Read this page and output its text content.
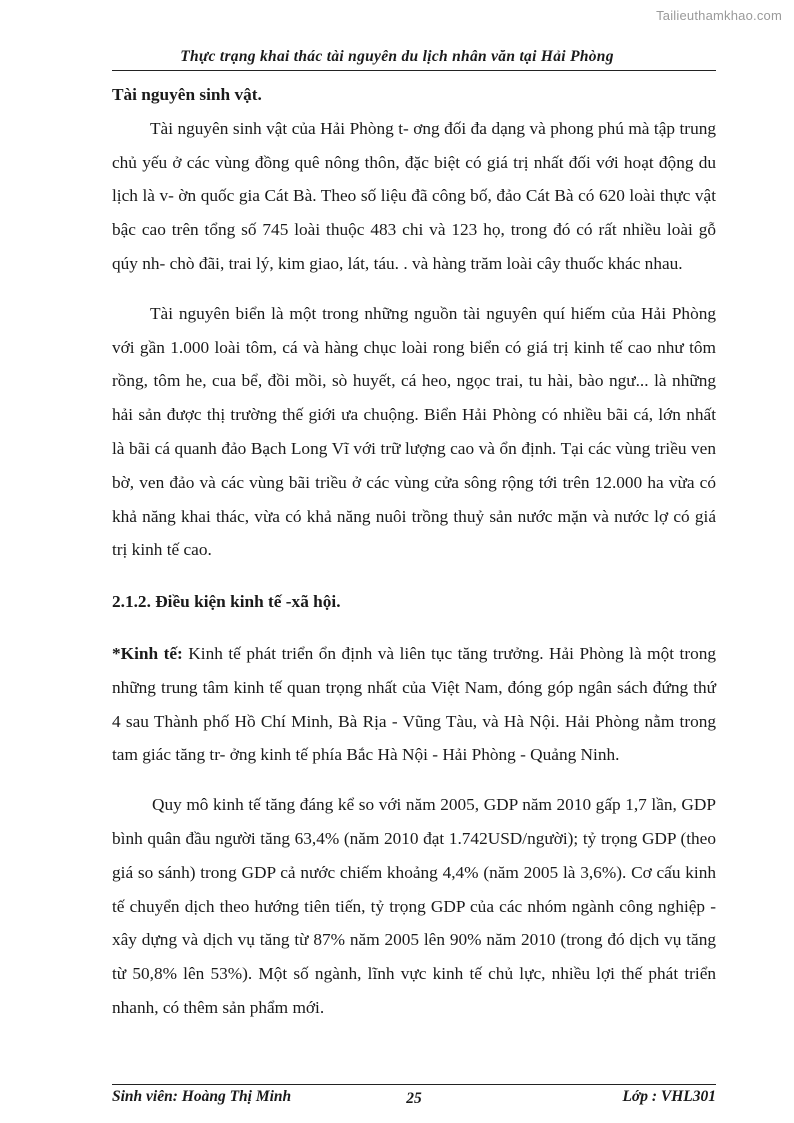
Tailieuthamkhao.com
Thực trạng khai thác tài nguyên du lịch nhân văn tại Hải Phòng

Tài nguyên sinh vật.

Tài nguyên sinh vật của Hải Phòng t- ơng đối đa dạng và phong phú mà tập trung chủ yếu ở các vùng đồng quê nông thôn, đặc biệt có giá trị nhất đối với hoạt động du lịch là v- ờn quốc gia Cát Bà. Theo số liệu đã công bố, đảo Cát Bà có 620 loài thực vật bậc cao trên tổng số 745 loài thuộc 483 chi và 123 họ, trong đó có rất nhiều loài gỗ qúy nh- chò đãi, trai lý, kim giao, lát, táu. . và hàng trăm loài cây thuốc khác nhau.

Tài nguyên biển là một trong những nguồn tài nguyên quí hiếm của Hải Phòng với gần 1.000 loài tôm, cá và hàng chục loài rong biển có giá trị kinh tế cao như tôm rồng, tôm he, cua bể, đồi mồi, sò huyết, cá heo, ngọc trai, tu hài, bào ngư... là những hải sản được thị trường thế giới ưa chuộng. Biển Hải Phòng có nhiều bãi cá, lớn nhất là bãi cá quanh đảo Bạch Long Vĩ với trữ lượng cao và ổn định. Tại các vùng triều ven bờ, ven đảo và các vùng bãi triều ở các vùng cửa sông rộng tới trên 12.000 ha vừa có khả năng khai thác, vừa có khả năng nuôi trồng thuỷ sản nước mặn và nước lợ có giá trị kinh tế cao.

2.1.2. Điều kiện kinh tế -xã hội.

*Kinh tế: Kinh tế phát triển ổn định và liên tục tăng trưởng. Hải Phòng là một trong những trung tâm kinh tế quan trọng nhất của Việt Nam, đóng góp ngân sách đứng thứ 4 sau Thành phố Hồ Chí Minh, Bà Rịa - Vũng Tàu, và Hà Nội. Hải Phòng nằm trong tam giác tăng tr- ởng kinh tế phía Bắc Hà Nội - Hải Phòng - Quảng Ninh.

Quy mô kinh tế tăng đáng kể so với năm 2005, GDP năm 2010 gấp 1,7 lần, GDP bình quân đầu người tăng 63,4% (năm 2010 đạt 1.742USD/người); tỷ trọng GDP (theo giá so sánh) trong GDP cả nước chiếm khoảng 4,4% (năm 2005 là 3,6%). Cơ cấu kinh tế chuyển dịch theo hướng tiên tiến, tỷ trọng GDP của các nhóm ngành công nghiệp - xây dựng và dịch vụ tăng từ 87% năm 2005 lên 90% năm 2010 (trong đó dịch vụ tăng từ 50,8% lên 53%). Một số ngành, lĩnh vực kinh tế chủ lực, nhiều lợi thế phát triển nhanh, có thêm sản phẩm mới.

Sinh viên: Hoàng Thị Minh	25	Lớp : VHL301
